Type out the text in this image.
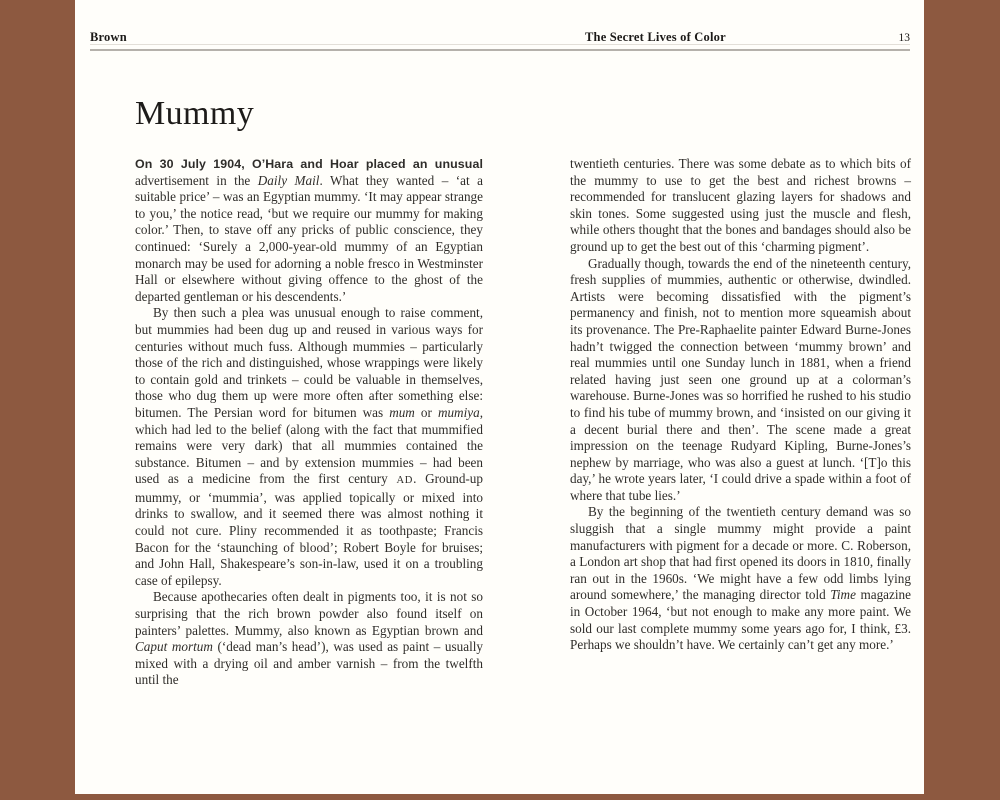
Brown	The Secret Lives of Color	13
Mummy

On 30 July 1904, O’Hara and Hoar placed an unusual advertisement in the Daily Mail. What they wanted – ‘at a suitable price’ – was an Egyptian mummy. ‘It may appear strange to you,’ the notice read, ‘but we require our mummy for making color.’ Then, to stave off any pricks of public conscience, they continued: ‘Surely a 2,000-year-old mummy of an Egyptian monarch may be used for adorning a noble fresco in Westminster Hall or elsewhere without giving offence to the ghost of the departed gentleman or his descendents.’

By then such a plea was unusual enough to raise comment, but mummies had been dug up and reused in various ways for centuries without much fuss. Although mummies – particularly those of the rich and distinguished, whose wrappings were likely to contain gold and trinkets – could be valuable in themselves, those who dug them up were more often after something else: bitumen. The Persian word for bitumen was mum or mumiya, which had led to the belief (along with the fact that mummified remains were very dark) that all mummies contained the substance. Bitumen – and by extension mummies – had been used as a medicine from the first century AD. Ground-up mummy, or ‘mummia’, was applied topically or mixed into drinks to swallow, and it seemed there was almost nothing it could not cure. Pliny recommended it as toothpaste; Francis Bacon for the ‘staunching of blood’; Robert Boyle for bruises; and John Hall, Shakespeare’s son-in-law, used it on a troubling case of epilepsy.

Because apothecaries often dealt in pigments too, it is not so surprising that the rich brown powder also found itself on painters’ palettes. Mummy, also known as Egyptian brown and Caput mortum (‘dead man’s head’), was used as paint – usually mixed with a drying oil and amber varnish – from the twelfth until the

twentieth centuries. There was some debate as to which bits of the mummy to use to get the best and richest browns – recommended for translucent glazing layers for shadows and skin tones. Some suggested using just the muscle and flesh, while others thought that the bones and bandages should also be ground up to get the best out of this ‘charming pigment’.

Gradually though, towards the end of the nineteenth century, fresh supplies of mummies, authentic or otherwise, dwindled. Artists were becoming dissatisfied with the pigment’s permanency and finish, not to mention more squeamish about its provenance. The Pre-Raphaelite painter Edward Burne-Jones hadn’t twigged the connection between ‘mummy brown’ and real mummies until one Sunday lunch in 1881, when a friend related having just seen one ground up at a colorman’s warehouse. Burne-Jones was so horrified he rushed to his studio to find his tube of mummy brown, and ‘insisted on our giving it a decent burial there and then’. The scene made a great impression on the teenage Rudyard Kipling, Burne-Jones’s nephew by marriage, who was also a guest at lunch. ‘[T]o this day,’ he wrote years later, ‘I could drive a spade within a foot of where that tube lies.’

By the beginning of the twentieth century demand was so sluggish that a single mummy might provide a paint manufacturers with pigment for a decade or more. C. Roberson, a London art shop that had first opened its doors in 1810, finally ran out in the 1960s. ‘We might have a few odd limbs lying around somewhere,’ the managing director told Time magazine in October 1964, ‘but not enough to make any more paint. We sold our last complete mummy some years ago for, I think, £3. Perhaps we shouldn’t have. We certainly can’t get any more.’
